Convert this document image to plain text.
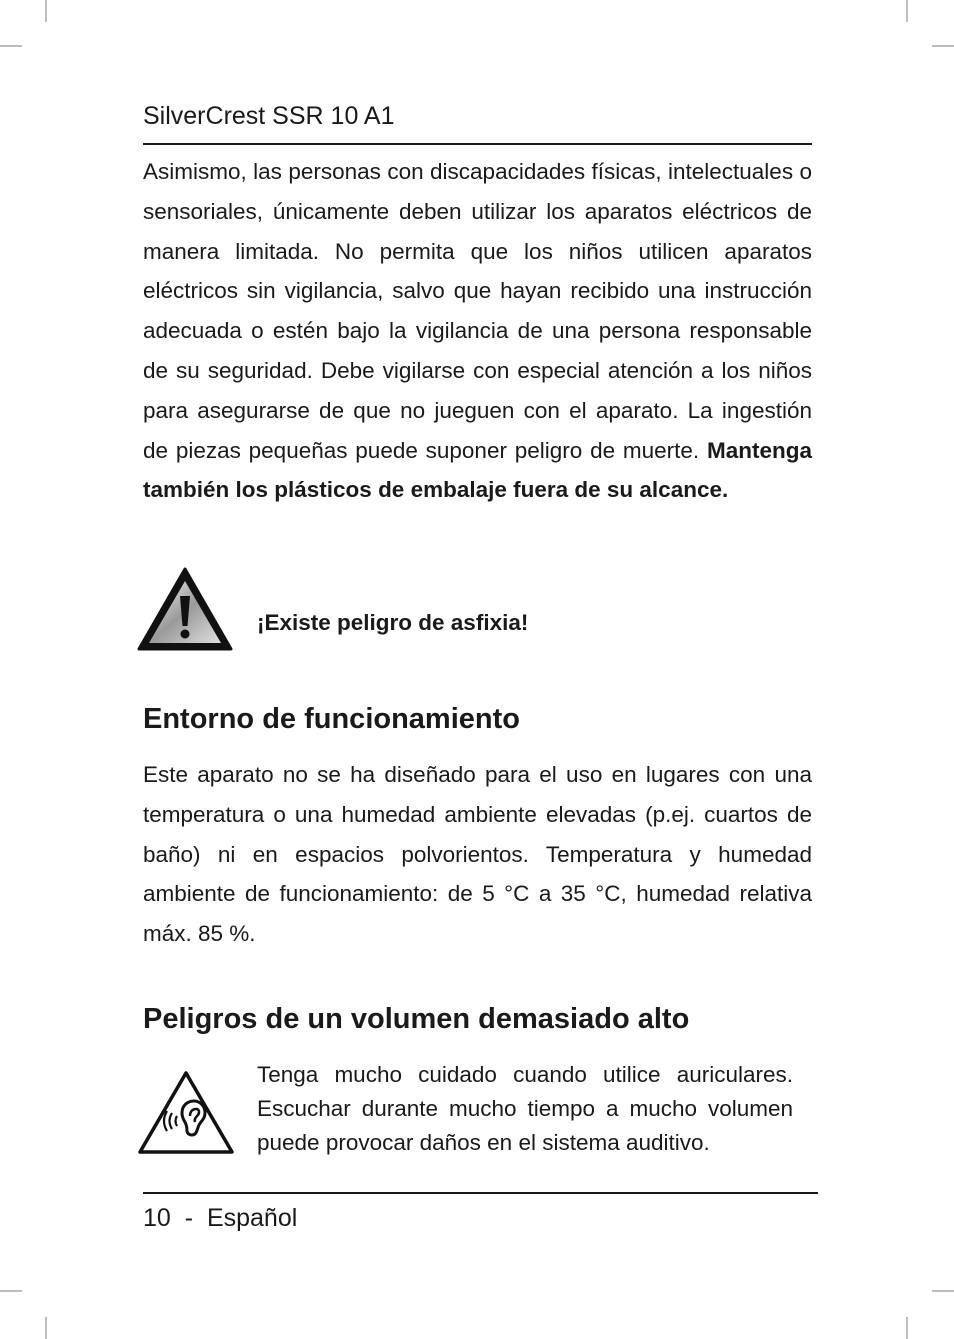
SilverCrest SSR 10 A1
Asimismo, las personas con discapacidades físicas, intelectuales o sensoriales, únicamente deben utilizar los aparatos eléctricos de manera limitada. No permita que los niños utilicen aparatos eléctricos sin vigilancia, salvo que hayan recibido una instrucción adecuada o estén bajo la vigilancia de una persona responsable de su seguridad. Debe vigilarse con especial atención a los niños para asegurarse de que no jueguen con el aparato. La ingestión de piezas pequeñas puede suponer peligro de muerte. Mantenga también los plásticos de embalaje fuera de su alcance.
¡Existe peligro de asfixia!
Entorno de funcionamiento
Este aparato no se ha diseñado para el uso en lugares con una temperatura o una humedad ambiente elevadas (p.ej. cuartos de baño) ni en espacios polvorientos. Temperatura y humedad ambiente de funcionamiento: de 5 °C a 35 °C, humedad relativa máx. 85 %.
Peligros de un volumen demasiado alto
Tenga mucho cuidado cuando utilice auriculares. Escuchar durante mucho tiempo a mucho volumen puede provocar daños en el sistema auditivo.
10 - Español
